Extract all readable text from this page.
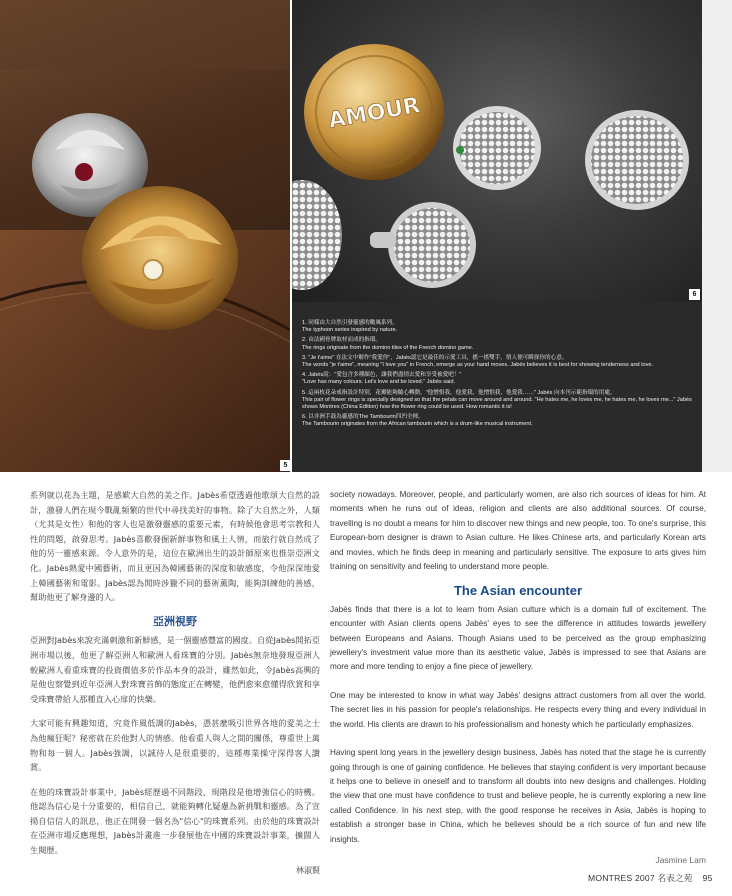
5
AMOUR
6
1. 同樣由大自然引發靈感的颱風系列。
The typhoon series inspired by nature.
2. 由法國骨牌取材而成的指環。
The rings originate from the domino tiles of the French domino game.
3. "Je t'aime" 在法文中解作"我愛你"，Jabès認它是最佳的示愛工具，搖一搖雙手，情人便可瞬探你的心意。
The words "je t'aime", meaning "I love you" in French, emerge as your hand moves. Jabès believes it is best for showing tenderness and love.
4. Jabès說："愛包含多種顏色，讓我們盡情去愛和享受被愛吧！"
"Love has many colours. Let's love and be loved." Jabès said.
5. 這兩枚花朵戒指設計特別，花瓣能夠隨心轉動，"他憎恨我，他愛我，他憎恨我，他愛我……" Jabès 向本刊示範指環的用處。
This pair of flower rings is specially designed so that the petals can move around and around. "He hates me, he loves me, he hates me, he loves me..." Jabès shows Montres (China Edition) how the flower ring could be used. How romantic it is!
6. 以非洲手鼓為靈感的The Tambourin四凹全揮。
The Tambourin originates from the African tambourin which is a drum-like musical instrument.

系列就以花為主題，是感歎大自然的美之作。Jabès希望透過他歌頌大自然的設計，激發人們在現今戰亂頻繁的世代中尋找美好的事物。除了大自然之外，人類（尤其是女性）和他的客人也是激發靈感的重要元素，有時候他會思考宗教和人性的問題，啟發思考。Jabès喜歡發掘新鮮事物和風土人情，而旅行就自然成了他的另一靈感來源。令人意外的是，這位在歐洲出生的設計師原來也推崇亞洲文化。Jabès熱愛中國藝術，而且更因為韓國藝術的深度和敏感度，令他深深地愛上韓國藝術和電影。Jabès認為閒時涉獵不同的藝術薰陶，能夠訓練他的善感，幫助他更了解身邊的人。

亞洲視野

亞洲對Jabès來說充滿刺激和新鮮感，是一個靈感豐富的國度。自從Jabès開拓亞洲市場以後，他更了解亞洲人和歐洲人看珠寶的分別。Jabès無奈地發現亞洲人較歐洲人看重珠寶的投資價值多於作品本身的設計，雖然如此，令Jabès高興的是他也察覺到近年亞洲人對珠寶首飾的態度正在轉變，他們愈來愈懂得欣賞和享受珠寶帶給人那種直入心扉的快樂。

大家可能有興趣知道，究竟作風低調的Jabès，憑甚麼吸引世界各地的愛美之士為他瘋狂呢？秘密就在於他對人的情感。他看重人與人之間的關係，尊重世上萬物和每一個人。Jabès強調，以誠待人是很重要的，這種專業操守深得客人讚賞。

在他的珠寶設計事業中，Jabès經歷過不同階段，現階段是他增強信心的時機。他認為信心是十分重要的，相信自己，就能夠轉化疑慮為新挑戰和靈感。為了宣揚自信信人的訊息，他正在開發一個名為"信心"的珠寶系列。由於他的珠寶設計在亞洲市場反應理想，Jabès計畫進一步發展他在中國的珠寶設計事業，擴闊人生閱歷。

林淑賢

society nowadays. Moreover, people, and particularly women, are also rich sources of ideas for him. At moments when he runs out of ideas, religion and clients are also additional sources. Of course, travelling is no doubt a means for him to discover new things and new people, too. To one's surprise, this European-born designer is drawn to Asian culture. He likes Chinese arts, and particularly Korean arts and movies, which he finds deep in meaning and particularly sensitive. The exposure to arts gives him training on sensitivity and feeling to understand more people.

The Asian encounter

Jabès finds that there is a lot to learn from Asian culture which is a domain full of excitement. The encounter with Asian clients opens Jabès' eyes to see the difference in attitudes towards jewellery between Europeans and Asians. Though Asians used to be perceived as the group emphasizing jewellery's investment value more than its aesthetic value, Jabès is impressed to see that Asians are more and more tending to enjoy a fine piece of jewellery.

One may be interested to know in what way Jabès' designs attract customers from all over the world. The secret lies in his passion for people's relationships. He respects every thing and every individual in the world. His clients are drawn to his professionalism and honesty which he particularly emphasizes.

Having spent long years in the jewellery design business, Jabès has noted that the stage he is currently going through is one of gaining confidence. He believes that staying confident is very important because it helps one to believe in oneself and to transform all doubts into new designs and challenges. Holding the view that one must have confidence to trust and believe people, he is currently exploring a new line called Confidence. In his next step, with the good response he receives in Asia, Jabès is hoping to establish a stronger base in China, which he believes should be a rich source of fun and new life insights.

Jasmine Lam
MONTRES 2007 名表之苑 95
